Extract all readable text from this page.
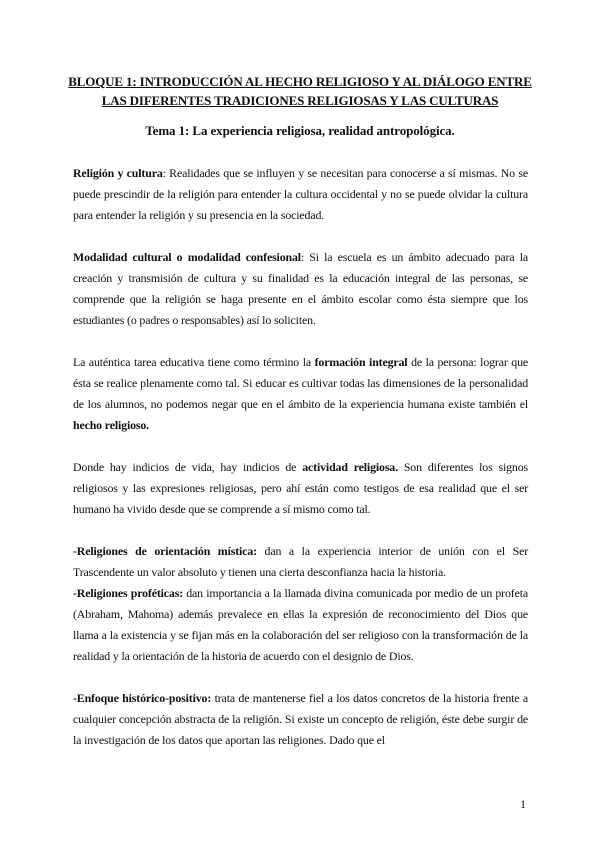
BLOQUE 1: INTRODUCCIÓN AL HECHO RELIGIOSO Y AL DIÁLOGO ENTRE
LAS DIFERENTES TRADICIONES RELIGIOSAS Y LAS CULTURAS
Tema 1: La experiencia religiosa, realidad antropológica.

Religión y cultura: Realidades que se influyen y se necesitan para conocerse a sí mismas. No se puede prescindir de la religión para entender la cultura occidental y no se puede olvidar la cultura para entender la religión y su presencia en la sociedad.

Modalidad cultural o modalidad confesional: Si la escuela es un ámbito adecuado para la creación y transmisión de cultura y su finalidad es la educación integral de las personas, se comprende que la religión se haga presente en el ámbito escolar como ésta siempre que los estudiantes (o padres o responsables) así lo soliciten.

La auténtica tarea educativa tiene como término la formación integral de la persona: lograr que ésta se realice plenamente como tal. Si educar es cultivar todas las dimensiones de la personalidad de los alumnos, no podemos negar que en el ámbito de la experiencia humana existe también el hecho religioso.

Donde hay indicios de vida, hay indicios de actividad religiosa. Son diferentes los signos religiosos y las expresiones religiosas, pero ahí están como testigos de esa realidad que el ser humano ha vivido desde que se comprende a sí mismo como tal.

-Religiones de orientación mística: dan a la experiencia interior de unión con el Ser Trascendente un valor absoluto y tienen una cierta desconfianza hacia la historia.

-Religiones proféticas: dan importancia a la llamada divina comunicada por medio de un profeta (Abraham, Mahoma) además prevalece en ellas la expresión de reconocimiento del Dios que llama a la existencia y se fijan más en la colaboración del ser religioso con la transformación de la realidad y la orientación de la historia de acuerdo con el designio de Dios.

-Enfoque histórico-positivo: trata de mantenerse fiel a los datos concretos de la historia frente a cualquier concepción abstracta de la religión. Si existe un concepto de religión, éste debe surgir de la investigación de los datos que aportan las religiones. Dado que el

1
